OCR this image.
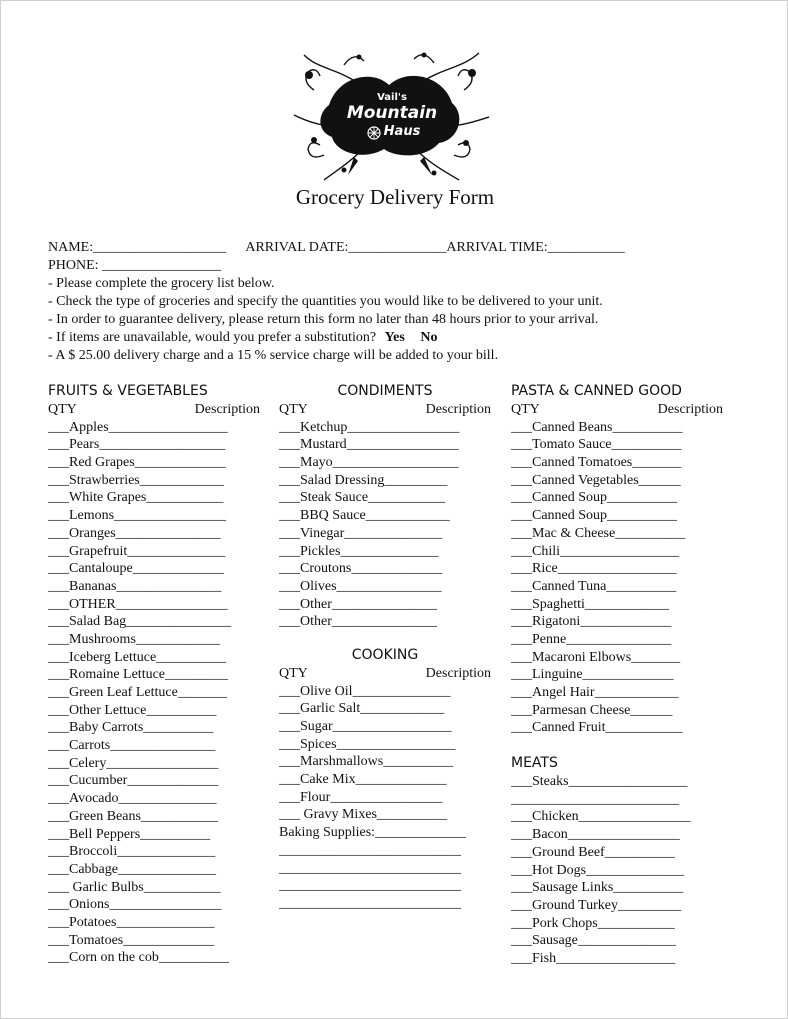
Vail's
Mountain
Haus
Grocery Delivery Form
NAME:___________________ ARRIVAL DATE:______________ARRIVAL TIME:___________
PHONE: _________________
- Please complete the grocery list below.
- Check the type of groceries and specify the quantities you would like to be delivered to your unit.
- In order to guarantee delivery, please return this form no later than 48 hours prior to your arrival.
- If items are unavailable, would you prefer a substitution? Yes No
- A $ 25.00 delivery charge and a 15 % service charge will be added to your bill.
FRUITS & VEGETABLES
QTY	Description
___Apples_________________
___Pears__________________
___Red Grapes_____________
___Strawberries____________
___White Grapes___________
___Lemons________________
___Oranges_______________
___Grapefruit______________
___Cantaloupe_____________
___Bananas_______________
___OTHER________________
___Salad Bag_______________
___Mushrooms____________
___Iceberg Lettuce__________
___Romaine Lettuce_________
___Green Leaf Lettuce_______
___Other Lettuce__________
___Baby Carrots__________
___Carrots_______________
___Celery________________
___Cucumber_____________
___Avocado______________
___Green Beans___________
___Bell Peppers__________
___Broccoli______________
___Cabbage______________
___ Garlic Bulbs___________
___Onions________________
___Potatoes______________
___Tomatoes_____________
___Corn on the cob__________
CONDIMENTS
QTY	Description
___Ketchup________________
___Mustard________________
___Mayo__________________
___Salad Dressing_________
___Steak Sauce___________
___BBQ Sauce____________
___Vinegar______________
___Pickles______________
___Croutons_____________
___Olives_______________
___Other_______________
___Other_______________
COOKING
QTY	Description
___Olive Oil______________
___Garlic Salt____________
___Sugar_________________
___Spices_________________
___Marshmallows__________
___Cake Mix_____________
___Flour________________
___ Gravy Mixes__________
Baking Supplies:_____________
__________________________
__________________________
__________________________
__________________________
PASTA & CANNED GOOD
QTY	Description
___Canned Beans__________
___Tomato Sauce__________
___Canned Tomatoes_______
___Canned Vegetables______
___Canned Soup__________
___Canned Soup__________
___Mac & Cheese__________
___Chili_________________
___Rice_________________
___Canned Tuna__________
___Spaghetti____________
___Rigatoni_____________
___Penne_______________
___Macaroni Elbows_______
___Linguine_____________
___Angel Hair____________
___Parmesan Cheese______
___Canned Fruit___________
MEATS
___Steaks_________________
________________________
___Chicken________________
___Bacon________________
___Ground Beef__________
___Hot Dogs______________
___Sausage Links__________
___Ground Turkey_________
___Pork Chops___________
___Sausage______________
___Fish_________________
